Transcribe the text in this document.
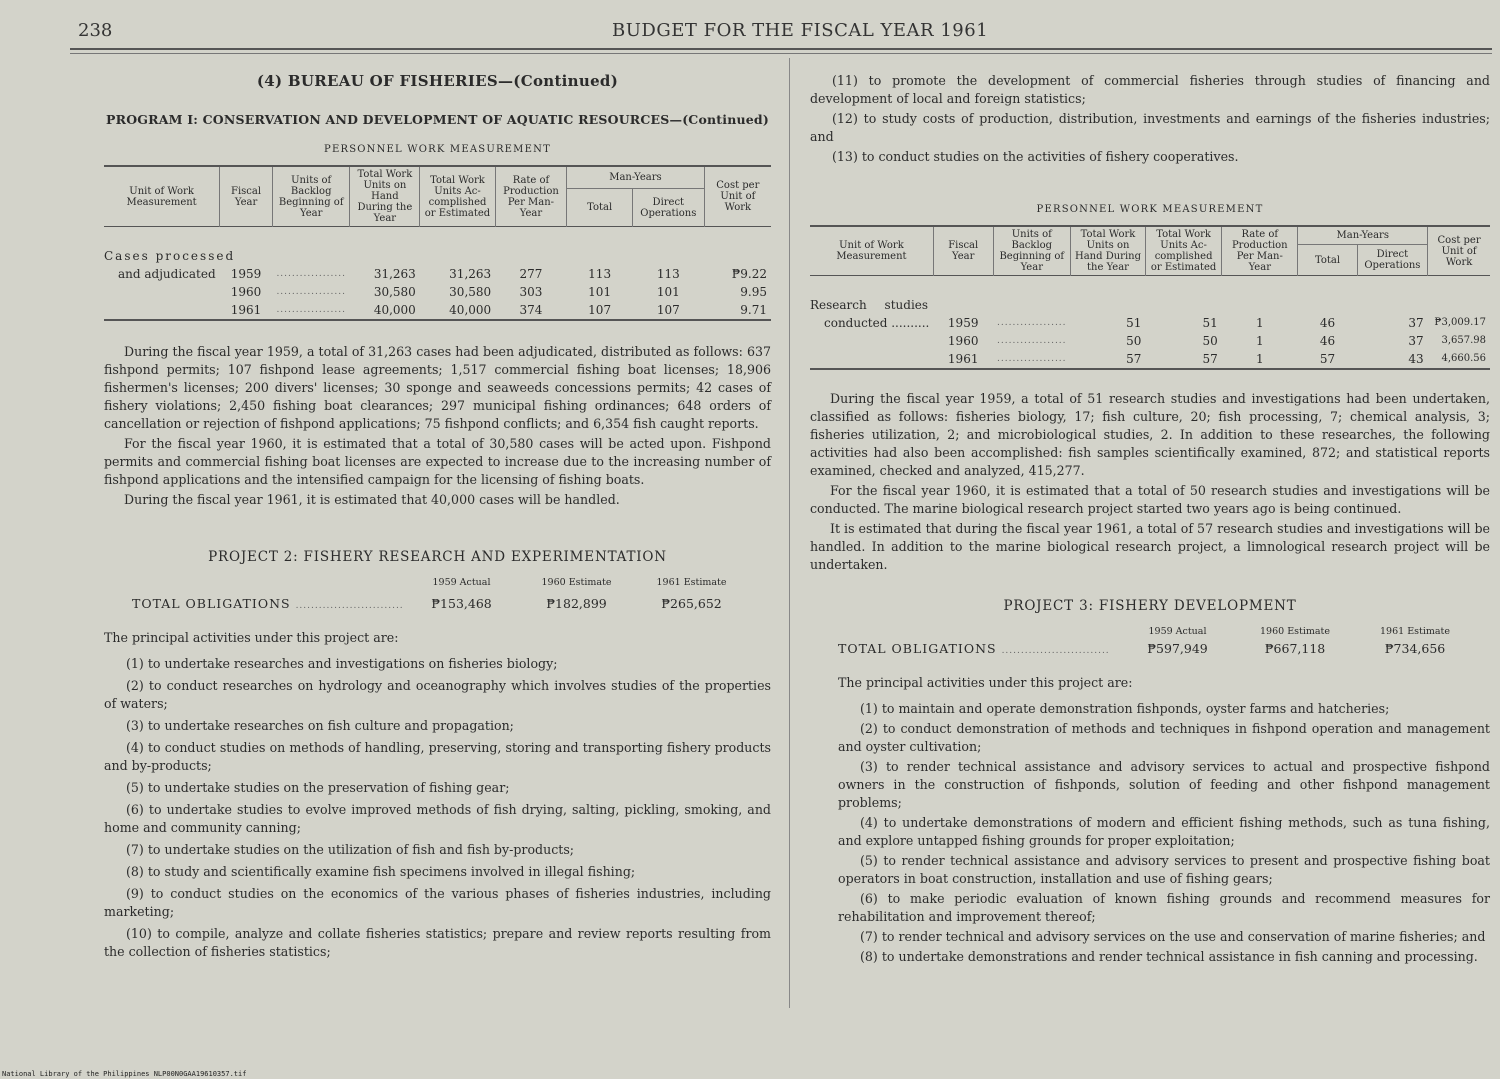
238	BUDGET FOR THE FISCAL YEAR 1961
(4) BUREAU OF FISHERIES—(Continued)
PROGRAM I: CONSERVATION AND DEVELOPMENT OF AQUATIC RESOURCES—(Continued)
PERSONNEL WORK MEASUREMENT
Unit of Work Measurement	Fiscal Year	Units of Backlog Beginning of Year	Total Work Units on Hand During the Year	Total Work Units Ac- complished or Estimated	Rate of Production Per Man- Year	Man-Years		Cost per Unit of Work
						Total	Direct Operations	

Cases processed								
and adjudicated	1959	..................	31,263	31,263	277	113	113	₱9.22
	1960	..................	30,580	30,580	303	101	101	9.95
	1961	..................	40,000	40,000	374	107	107	9.71

During the fiscal year 1959, a total of 31,263 cases had been adjudicated, distributed as follows: 637 fishpond permits; 107 fishpond lease agreements; 1,517 commercial fishing boat licenses; 18,906 fishermen's licenses; 200 divers' licenses; 30 sponge and seaweeds concessions permits; 42 cases of fishery violations; 2,450 fishing boat clearances; 297 municipal fishing ordinances; 648 orders of cancellation or rejection of fishpond applications; 75 fishpond conflicts; and 6,354 fish caught reports.

For the fiscal year 1960, it is estimated that a total of 30,580 cases will be acted upon. Fishpond permits and commercial fishing boat licenses are expected to increase due to the increasing number of fishpond applications and the intensified campaign for the licensing of fishing boats.

During the fiscal year 1961, it is estimated that 40,000 cases will be handled.

PROJECT 2: FISHERY RESEARCH AND EXPERIMENTATION
1959 Actual	1960 Estimate	1961 Estimate
TOTAL OBLIGATIONS ............................	₱153,468	₱182,899	₱265,652

The principal activities under this project are:

(1) to undertake researches and investigations on fisheries biology;

(2) to conduct researches on hydrology and oceanography which involves studies of the properties of waters;

(3) to undertake researches on fish culture and propagation;

(4) to conduct studies on methods of handling, preserving, storing and transporting fishery products and by-products;

(5) to undertake studies on the preservation of fishing gear;

(6) to undertake studies to evolve improved methods of fish drying, salting, pickling, smoking, and home and community canning;

(7) to undertake studies on the utilization of fish and fish by-products;

(8) to study and scientifically examine fish specimens involved in illegal fishing;

(9) to conduct studies on the economics of the various phases of fisheries industries, including marketing;

(10) to compile, analyze and collate fisheries statistics; prepare and review reports resulting from the collection of fisheries statistics;

(11) to promote the development of commercial fisheries through studies of financing and development of local and foreign statistics;

(12) to study costs of production, distribution, investments and earnings of the fisheries industries; and

(13) to conduct studies on the activities of fishery cooperatives.

PERSONNEL WORK MEASUREMENT
Unit of Work Measurement	Fiscal Year	Units of Backlog Beginning of Year	Total Work Units on Hand During the Year	Total Work Units Ac- complished or Estimated	Rate of Production Per Man- Year	Man-Years		Cost per Unit of Work
						Total	Direct Operations	

Research studies								
conducted ..........	1959	..................	51	51	1	46	37	₱3,009.17
	1960	..................	50	50	1	46	37	3,657.98
	1961	..................	57	57	1	57	43	4,660.56

During the fiscal year 1959, a total of 51 research studies and investigations had been undertaken, classified as follows: fisheries biology, 17; fish culture, 20; fish processing, 7; chemical analysis, 3; fisheries utilization, 2; and microbiological studies, 2. In addition to these researches, the following activities had also been accomplished: fish samples scientifically examined, 872; and statistical reports examined, checked and analyzed, 415,277.

For the fiscal year 1960, it is estimated that a total of 50 research studies and investigations will be conducted. The marine biological research project started two years ago is being continued.

It is estimated that during the fiscal year 1961, a total of 57 research studies and investigations will be handled. In addition to the marine biological research project, a limnological research project will be undertaken.

PROJECT 3: FISHERY DEVELOPMENT
1959 Actual	1960 Estimate	1961 Estimate
TOTAL OBLIGATIONS ............................	₱597,949	₱667,118	₱734,656

The principal activities under this project are:

(1) to maintain and operate demonstration fishponds, oyster farms and hatcheries;

(2) to conduct demonstration of methods and techniques in fishpond operation and management and oyster cultivation;

(3) to render technical assistance and advisory services to actual and prospective fishpond owners in the construction of fishponds, solution of feeding and other fishpond management problems;

(4) to undertake demonstrations of modern and efficient fishing methods, such as tuna fishing, and explore untapped fishing grounds for proper exploitation;

(5) to render technical assistance and advisory services to present and prospective fishing boat operators in boat construction, installation and use of fishing gears;

(6) to make periodic evaluation of known fishing grounds and recommend measures for rehabilitation and improvement thereof;

(7) to render technical and advisory services on the use and conservation of marine fisheries; and

(8) to undertake demonstrations and render technical assistance in fish canning and processing.

National Library of the Philippines NLP00N0GAA19610357.tif
